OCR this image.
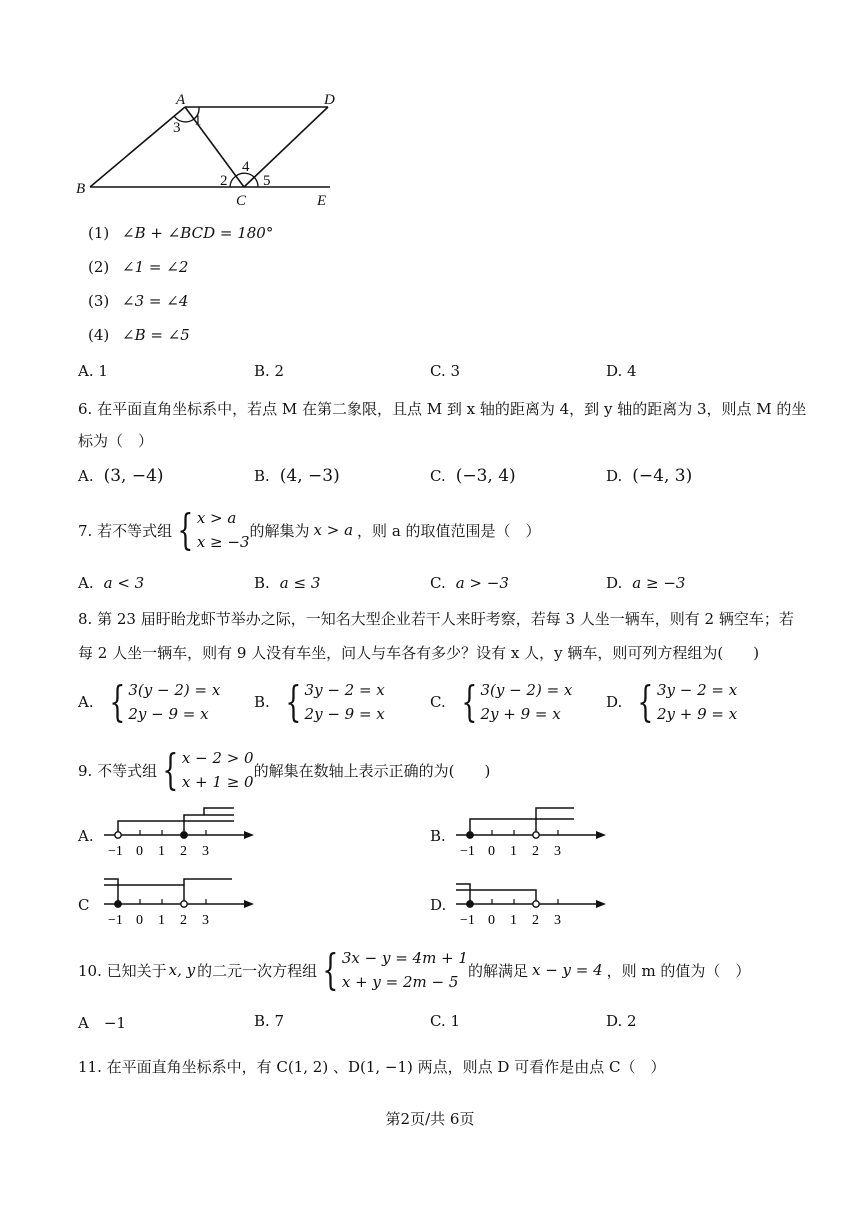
A	D
B
C	E
1
2
3
4
5
(1) ∠B + ∠BCD = 180°
(2) ∠1 = ∠2
(3) ∠3 = ∠4
(4) ∠B = ∠5
A. 1	B. 2	C. 3	D. 4
6. 在平面直角坐标系中，若点 M 在第二象限，且点 M 到 x 轴的距离为 4，到 y 轴的距离为 3，则点 M 的坐
标为（　）
A. (3, −4)	B. (4, −3)	C. (−3, 4)	D. (−4, 3)
7. 若不等式组 { x > a
x ≥ −3
的解集为 x > a ，则 a 的取值范围是（　）
A. a < 3	B. a ≤ 3	C. a > −3	D. a ≥ −3
8. 第 23 届盱眙龙虾节举办之际，一知名大型企业若干人来盱考察，若每 3 人坐一辆车，则有 2 辆空车；若
每 2 人坐一辆车，则有 9 人没有车坐，问人与车各有多少？设有 x 人，y 辆车，则可列方程组为(　　)
A. { 3(y − 2) = x
2y − 9 = x
B. { 3y − 2 = x
2y − 9 = x
C. { 3(y − 2) = x
2y + 9 = x
D. { 3y − 2 = x
2y + 9 = x
9. 不等式组 { x − 2 > 0
x + 1 ≥ 0
的解集在数轴上表示正确的为(　　)
A.
−1 0 1 2 3
B.
−1 0 1 2 3
C
−1 0 1 2 3
D.
−1 0 1 2 3
10. 已知关于 x, y 的二元一次方程组 { 3x − y = 4m + 1
x + y = 2m − 5
的解满足 x − y = 4 ，则 m 的值为（　）
A　−1	B. 7	C. 1	D. 2
11. 在平面直角坐标系中，有 C(1, 2) 、D(1, −1) 两点，则点 D 可看作是由点 C（　）
第2页/共 6页
